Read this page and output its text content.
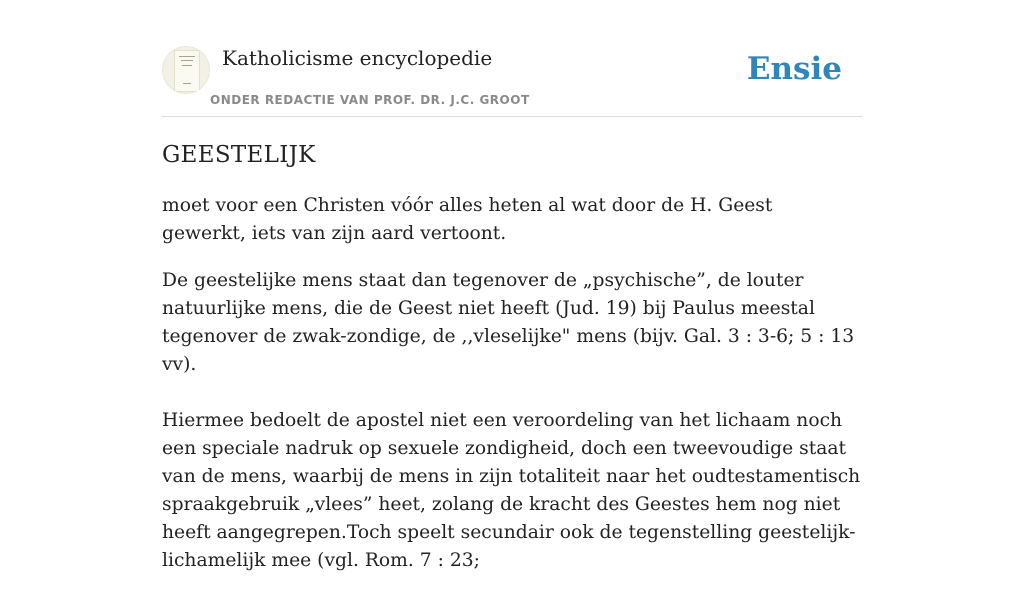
Katholicisme encyclopedie
ONDER REDACTIE VAN PROF. DR. J.C. GROOT
Ensie
GEESTELIJK

moet voor een Christen vóór alles heten al wat door de H. Geest gewerkt, iets van zijn aard vertoont.

De geestelijke mens staat dan tegenover de „psychische”, de louter natuurlijke mens, die de Geest niet heeft (Jud. 19) bij Paulus meestal tegenover de zwak-zondige, de ,,vleselijke" mens (bijv. Gal. 3 : 3-6; 5 : 13 vv).

Hiermee bedoelt de apostel niet een veroordeling van het lichaam noch een speciale nadruk op sexuele zondigheid, doch een tweevoudige staat van de mens, waarbij de mens in zijn totaliteit naar het oudtestamentisch spraakgebruik „vlees” heet, zolang de kracht des Geestes hem nog niet heeft aangegrepen.Toch speelt secundair ook de tegenstelling geestelijk-lichamelijk mee (vgl. Rom. 7 : 23;
